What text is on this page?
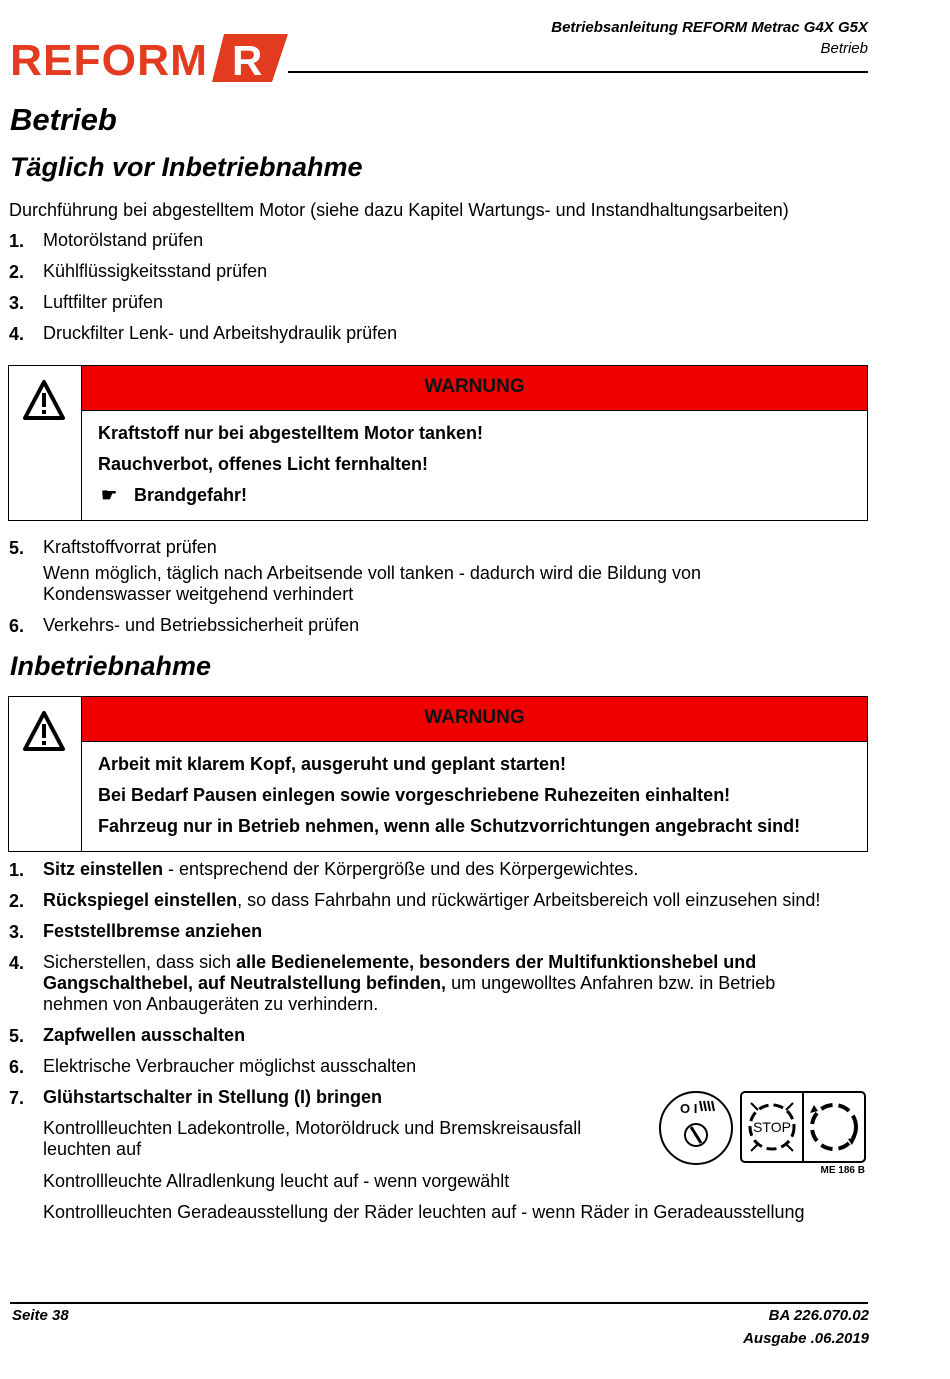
REFORM R
Betriebsanleitung REFORM Metrac G4X G5X
Betrieb
Betrieb
Täglich vor Inbetriebnahme
Durchführung bei abgestelltem Motor (siehe dazu Kapitel Wartungs- und Instandhaltungsarbeiten)
1. Motorölstand prüfen
2. Kühlflüssigkeitsstand prüfen
3. Luftfilter prüfen
4. Druckfilter Lenk- und Arbeitshydraulik prüfen
WARNUNG
Kraftstoff nur bei abgestelltem Motor tanken!
Rauchverbot, offenes Licht fernhalten!
☛ Brandgefahr!
5. Kraftstoffvorrat prüfen
Wenn möglich, täglich nach Arbeitsende voll tanken - dadurch wird die Bildung von Kondenswasser weitgehend verhindert
6. Verkehrs- und Betriebssicherheit prüfen
Inbetriebnahme
WARNUNG
Arbeit mit klarem Kopf, ausgeruht und geplant starten!
Bei Bedarf Pausen einlegen sowie vorgeschriebene Ruhezeiten einhalten!
Fahrzeug nur in Betrieb nehmen, wenn alle Schutzvorrichtungen angebracht sind!
1. Sitz einstellen - entsprechend der Körpergröße und des Körpergewichtes.
2. Rückspiegel einstellen, so dass Fahrbahn und rückwärtiger Arbeitsbereich voll einzusehen sind!
3. Feststellbremse anziehen
4. Sicherstellen, dass sich alle Bedienelemente, besonders der Multifunktionshebel und Gangschalthebel, auf Neutralstellung befinden, um ungewolltes Anfahren bzw. in Betrieb nehmen von Anbaugeräten zu verhindern.
5. Zapfwellen ausschalten
6. Elektrische Verbraucher möglichst ausschalten
7. Glühstartschalter in Stellung (I) bringen
Kontrollleuchten Ladekontrolle, Motoröldruck und Bremskreisausfall leuchten auf
Kontrollleuchte Allradlenkung leucht auf - wenn vorgewählt
Kontrollleuchten Geradeausstellung der Räder leuchten auf - wenn Räder in Geradeausstellung
O I
STOP
ME 186 B
Seite 38	BA 226.070.02
Ausgabe .06.2019
